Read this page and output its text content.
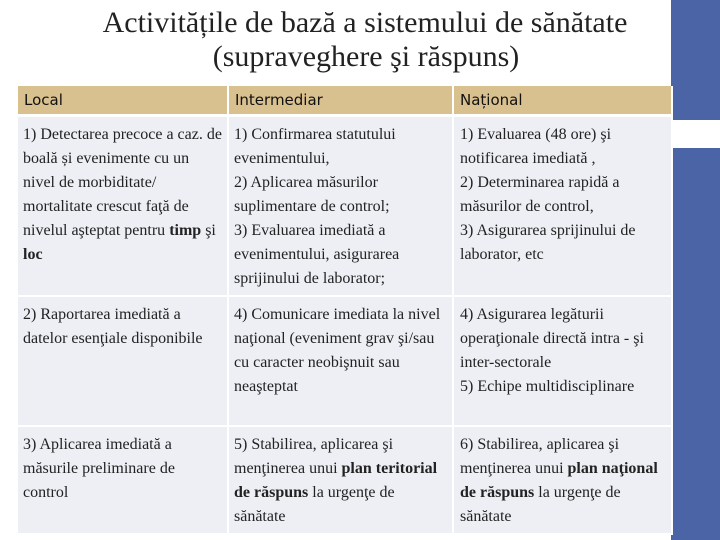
Activitățile de bază a sistemului de sănătate
(supraveghere şi răspuns)
Local	Intermediar	Național
1) Detectarea precoce a caz. de boală și evenimente cu un nivel de morbiditate/ mortalitate crescut faţă de nivelul aşteptat pentru timp şi loc	1) Confirmarea statutului evenimentului,
2) Aplicarea măsurilor suplimentare de control;
3) Evaluarea imediată a evenimentului, asigurarea sprijinului de laborator;	1) Evaluarea (48 ore) şi notificarea imediată ,
2) Determinarea rapidă a măsurilor de control,
3) Asigurarea sprijinului de laborator, etc
2) Raportarea imediată a datelor esenţiale disponibile	4) Comunicare imediata la nivel naţional (eveniment grav şi/sau cu caracter neobişnuit sau neaşteptat	4) Asigurarea legăturii operaţionale directă intra - şi inter-sectorale
5) Echipe multidisciplinare
3) Aplicarea imediată a măsurile preliminare de control	5) Stabilirea, aplicarea şi menţinerea unui plan teritorial de răspuns la urgenţe de sănătate	6) Stabilirea, aplicarea şi menţinerea unui plan naţional de răspuns la urgenţe de sănătate
